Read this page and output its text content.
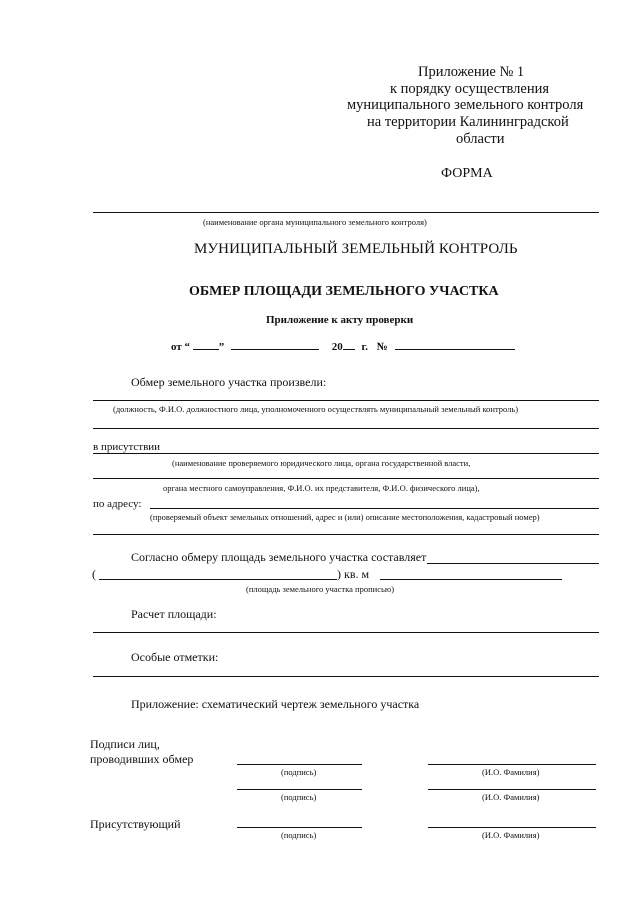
Приложение № 1
к порядку осуществления
муниципального земельного контроля
на территории Калининградской
области
ФОРМА
(наименование органа муниципального земельного контроля)
МУНИЦИПАЛЬНЫЙ ЗЕМЕЛЬНЫЙ КОНТРОЛЬ
ОБМЕР ПЛОЩАДИ ЗЕМЕЛЬНОГО УЧАСТКА
Приложение к акту проверки
от “	”	20 г. №
Обмер земельного участка произвели:
(должность, Ф.И.О. должностного лица, уполномоченного осуществлять муниципальный земельный контроль)
в присутствии
(наименование проверяемого юридического лица, органа государственной власти,
органа местного самоуправления, Ф.И.О. их представителя, Ф.И.О. физического лица),
по адресу:
(проверяемый объект земельных отношений, адрес и (или) описание местоположения, кадастровый номер)
Согласно обмеру площадь земельного участка составляет
(	) кв. м
(площадь земельного участка прописью)
Расчет площади:
Особые отметки:
Приложение: схематический чертеж земельного участка
Подписи лиц,
проводивших обмер
(подпись)	(И.О. Фамилия)
(подпись)	(И.О. Фамилия)
Присутствующий
(подпись)	(И.О. Фамилия)
